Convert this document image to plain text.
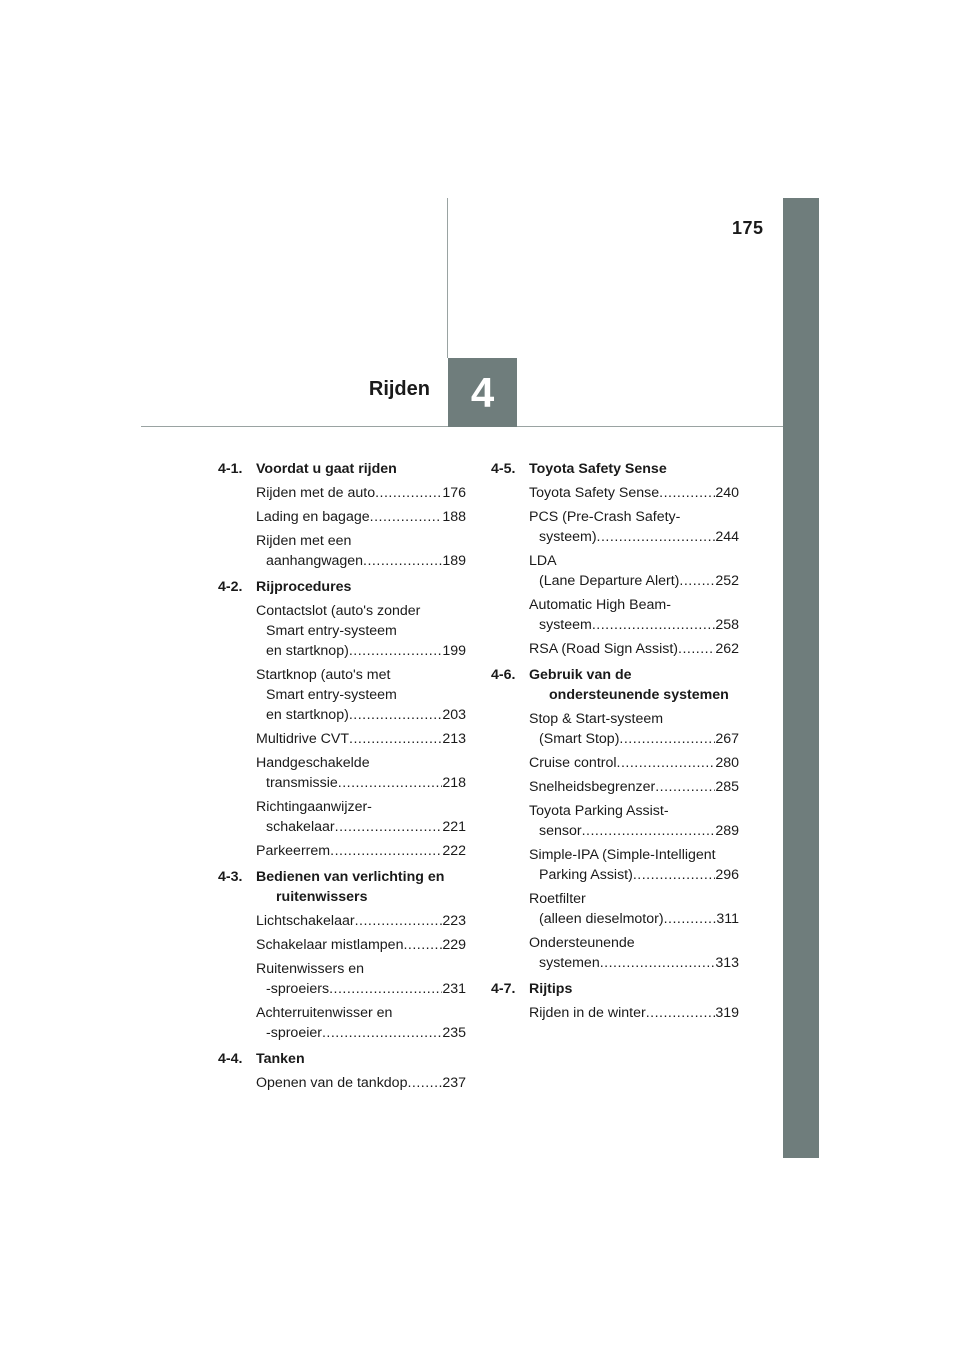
175
4
Rijden
4-1. Voordat u gaat rijden
Rijden met de auto .....	176
Lading en bagage .....	188
Rijden met een
aanhangwagen .....	189
4-2. Rijprocedures
Contactslot (auto's zonder
Smart entry-systeem
en startknop) .....	199
Startknop (auto's met
Smart entry-systeem
en startknop) .....	203
Multidrive CVT .....	213
Handgeschakelde
transmissie .....	218
Richtingaanwijzer-
schakelaar .....	221
Parkeerrem .....	222
4-3. Bedienen van verlichting en
ruitenwissers
Lichtschakelaar .....	223
Schakelaar mistlampen .....	229
Ruitenwissers en
-sproeiers .....	231
Achterruitenwisser en
-sproeier .....	235
4-4. Tanken
Openen van de tankdop ..... 237
4-5. Toyota Safety Sense
Toyota Safety Sense .....	240
PCS (Pre-Crash Safety-
systeem) .....	244
LDA
(Lane Departure Alert) .....	252
Automatic High Beam-
systeem .....	258
RSA (Road Sign Assist) .....	262
4-6. Gebruik van de
ondersteunende systemen
Stop & Start-systeem
(Smart Stop) .....	267
Cruise control .....	280
Snelheidsbegrenzer .....	285
Toyota Parking Assist-
sensor .....	289
Simple-IPA (Simple-Intelligent
Parking Assist) .....	296
Roetfilter
(alleen dieselmotor) .....	311
Ondersteunende
systemen .....	313
4-7. Rijtips
Rijden in de winter .....	319
